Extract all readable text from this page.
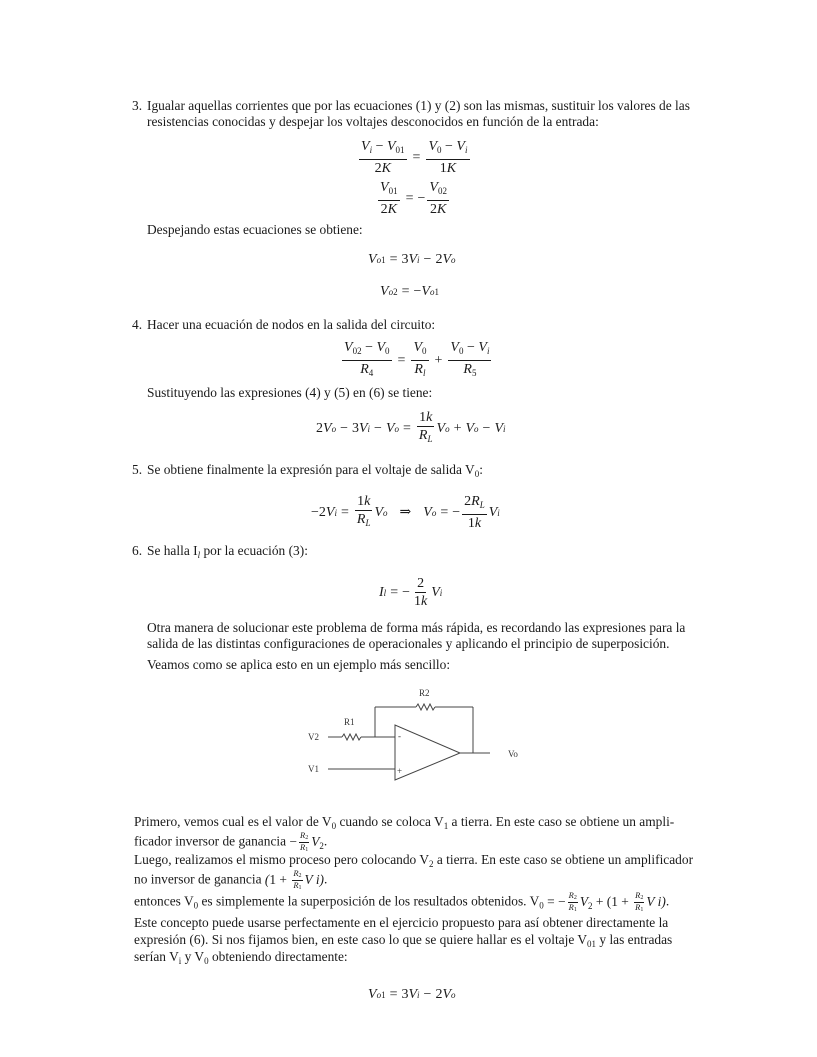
3. Igualar aquellas corrientes que por las ecuaciones (1) y (2) son las mismas, sustituir los valores de las
resistencias conocidas y despejar los voltajes desconocidos en función de la entrada:
$\frac{V_i - V_{01}}{2K} = \frac{V_0 - V_i}{1K}$
$\frac{V_{01}}{2K}$ = − $\frac{V_{02}}{2K}$
Despejando estas ecuaciones se obtiene:
V o1 = 3 V i − 2 V o
V o2 = − V o1
4. Hacer una ecuación de nodos en la salida del circuito:
$\frac{V_{02} - V_0}{R_4} = \frac{V_0}{R_l} + \frac{V_0 - V_i}{R_5}$
Sustituyendo las expresiones (4) y (5) en (6) se tiene:
2 V o − 3 V i − V $o = \frac{1k}{R_L}$ V o + V o − V i
5. Se obtiene finalmente la expresión para el voltaje de salida $V_0$:
−2 V $i = \frac{1k}{R_L}$ V o ⇒ V o = − $\frac{2R_L}{1k}$ V i
6. Se halla $I_l$ por la ecuación (3):
I l = − $\frac{2}{1k}$ V i
Otra manera de solucionar este problema de forma más rápida, es recordando las expresiones para la
salida de las distintas configuraciones de operacionales y aplicando el principio de superposición.
Veamos como se aplica esto en un ejemplo más sencillo:
R1
R2
V2
V1
Vo
-
+
Primero, vemos cual es el valor de $V_0$ cuando se coloca $V_1$ a tierra. En este caso se obtiene un ampli-
ficador inversor de ganancia − $\frac{R_2}{R_1} V_2$.
Luego, realizamos el mismo proceso pero colocando $V_2$ a tierra. En este caso se obtiene un amplificador
no inversor de ganancia ($1 + \frac{R_2}{R_1}$ V i).
entonces $V_0$ es simplemente la superposición de los resultados obtenidos. $V_0$ = − $\frac{R_2}{R_1} V_2 + (1 + \frac{R_2}{R_1}$ V i).
Este concepto puede usarse perfectamente en el ejercicio propuesto para así obtener directamente la
expresión (6). Si nos fijamos bien, en este caso lo que se quiere hallar es el voltaje $V_{01}$ y las entradas
serían $V_i$ y $V_0$ obteniendo directamente:
V o1 = 3 V i − 2 V o
